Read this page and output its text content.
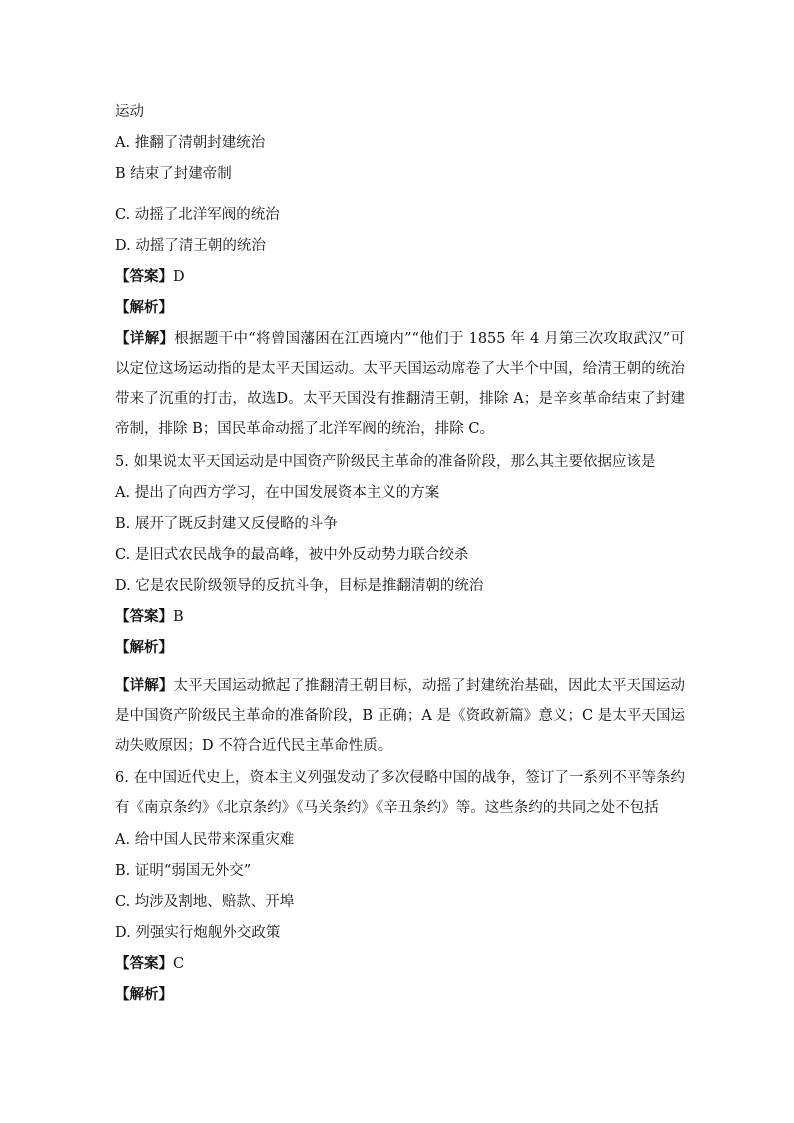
运动
A. 推翻了清朝封建统治
B 结束了封建帝制
C. 动摇了北洋军阀的统治
D. 动摇了清王朝的统治
【答案】D
【解析】
【详解】根据题干中“将曾国藩困在江西境内”“他们于 1855 年 4 月第三次攻取武汉”可以定位这场运动指的是太平天国运动。太平天国运动席卷了大半个中国，给清王朝的统治带来了沉重的打击，故选D。太平天国没有推翻清王朝，排除 A；是辛亥革命结束了封建帝制，排除 B；国民革命动摇了北洋军阀的统治，排除 C。
5. 如果说太平天国运动是中国资产阶级民主革命的准备阶段，那么其主要依据应该是
A. 提出了向西方学习，在中国发展资本主义的方案
B. 展开了既反封建又反侵略的斗争
C. 是旧式农民战争的最高峰，被中外反动势力联合绞杀
D. 它是农民阶级领导的反抗斗争，目标是推翻清朝的统治
【答案】B
【解析】
【详解】太平天国运动掀起了推翻清王朝目标，动摇了封建统治基础，因此太平天国运动是中国资产阶级民主革命的准备阶段，B 正确；A 是《资政新篇》意义；C 是太平天国运动失败原因；D 不符合近代民主革命性质。
6. 在中国近代史上，资本主义列强发动了多次侵略中国的战争，签订了一系列不平等条约有《南京条约》《北京条约》《马关条约》《辛丑条约》等。这些条约的共同之处不包括
A. 给中国人民带来深重灾难
B. 证明“弱国无外交”
C. 均涉及割地、赔款、开埠
D. 列强实行炮舰外交政策
【答案】C
【解析】
